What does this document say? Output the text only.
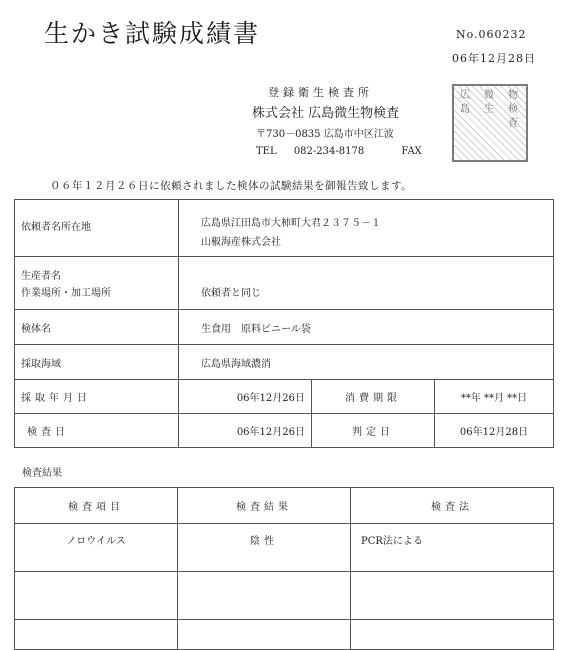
生かき試験成績書	No.060232
06年12月28日
登録衛生検査所
株式会社 広島微生物検査
〒730－0835 広島市中区江波
TEL 082-234-8178	FAX
広
島
微
生
物
検
査
０６年１２月２６日に依頼されました検体の試験結果を御報告致します。
依頼者名所在地	広島県江田島市大柿町大君２３７５－１
山椒海産株式会社		

生産者名
作業場所・加工場所	依頼者と同じ		
検体名	生食用　原料ビニール袋		
採取海域	広島県海域濃消		
採取年月日	06年12月26日	消費期限	**年 **月 **日
検査日	06年12月26日	判定日	06年12月28日
検査結果
検査項目	検査結果	検査法
ノロウイルス	陰性	PCR法による
